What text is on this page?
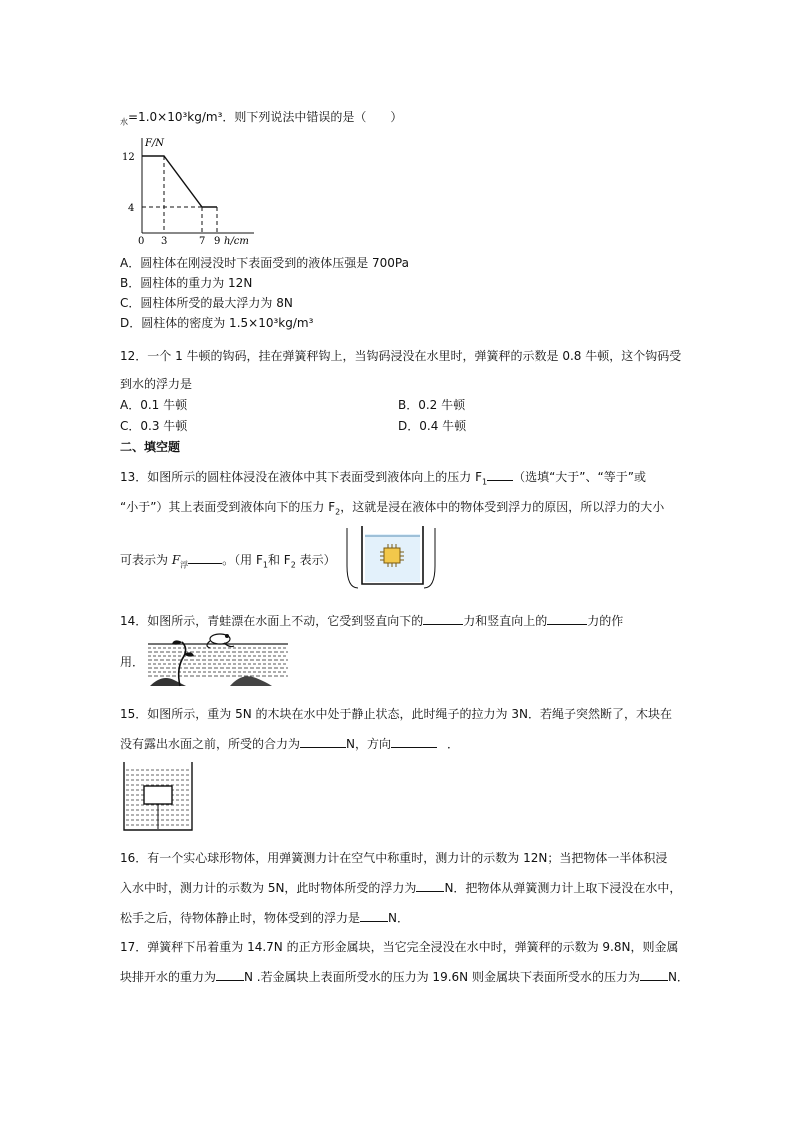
$_水$=1.0×10³kg/m³．则下列说法中错误的是（　　）
F/N
12
4
0 3	7 9 h/cm
A．圆柱体在刚浸没时下表面受到的液体压强是 700Pa
B．圆柱体的重力为 12N
C．圆柱体所受的最大浮力为 8N
D．圆柱体的密度为 1.5×10³kg/m³
12．一个 1 牛顿的钩码，挂在弹簧秤钩上，当钩码浸没在水里时，弹簧秤的示数是 0.8 牛顿，这个钩码受
到水的浮力是
A．0.1 牛顿	B．0.2 牛顿
C．0.3 牛顿	D．0.4 牛顿
二、填空题
13．如图所示的圆柱体浸没在液体中其下表面受到液体向上的压力 $F_1$ （选填“大于”、“等于”或
“小于”）其上表面受到液体向下的压力 $F_2$，这就是浸在液体中的物体受到浮力的原因，所以浮力的大小
可表示为 $F_浮$	。（用 $F_1$和 $F_2$ 表示）
14．如图所示，青蛙漂在水面上不动，它受到竖直向下的	力和竖直向上的	力的作
用．
15．如图所示，重为 5N 的木块在水中处于静止状态，此时绳子的拉力为 3N．若绳子突然断了，木块在
没有露出水面之前，所受的合力为	N，方向	．
16．有一个实心球形物体，用弹簧测力计在空气中称重时，测力计的示数为 12N；当把物体一半体积浸
入水中时，测力计的示数为 5N，此时物体所受的浮力为 N．把物体从弹簧测力计上取下浸没在水中，
松手之后，待物体静止时，物体受到的浮力是 N．
17．弹簧秤下吊着重为 14.7N 的正方形金属块，当它完全浸没在水中时，弹簧秤的示数为 9.8N，则金属
块排开水的重力为 N .若金属块上表面所受水的压力为 19.6N 则金属块下表面所受水的压力为 N．
